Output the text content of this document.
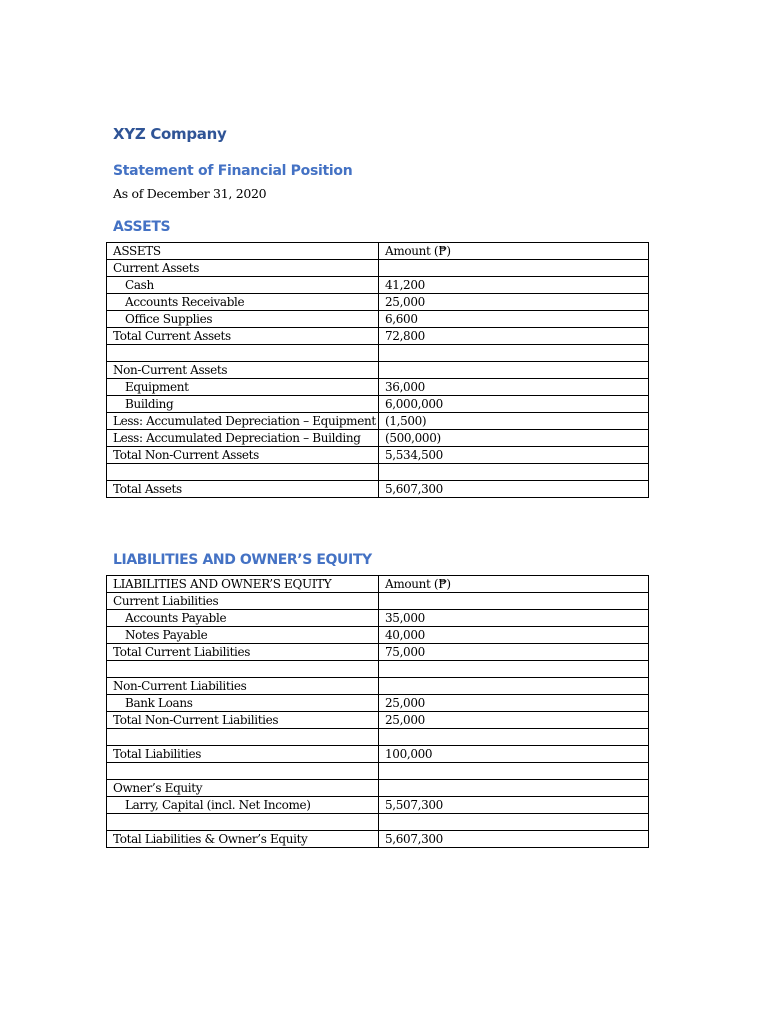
XYZ Company
Statement of Financial Position

As of December 31, 2020

ASSETS
ASSETS	Amount (₱)
Current Assets	
Cash	41,200
Accounts Receivable	25,000
Office Supplies	6,600
Total Current Assets	72,800

Non-Current Assets	
Equipment	36,000
Building	6,000,000
Less: Accumulated Depreciation – Equipment	(1,500)
Less: Accumulated Depreciation – Building	(500,000)
Total Non-Current Assets	5,534,500

Total Assets	5,607,300
LIABILITIES AND OWNER’S EQUITY
LIABILITIES AND OWNER’S EQUITY	Amount (₱)
Current Liabilities	
Accounts Payable	35,000
Notes Payable	40,000
Total Current Liabilities	75,000

Non-Current Liabilities	
Bank Loans	25,000
Total Non-Current Liabilities	25,000

Total Liabilities	100,000

Owner’s Equity	
Larry, Capital (incl. Net Income)	5,507,300

Total Liabilities & Owner’s Equity	5,607,300
